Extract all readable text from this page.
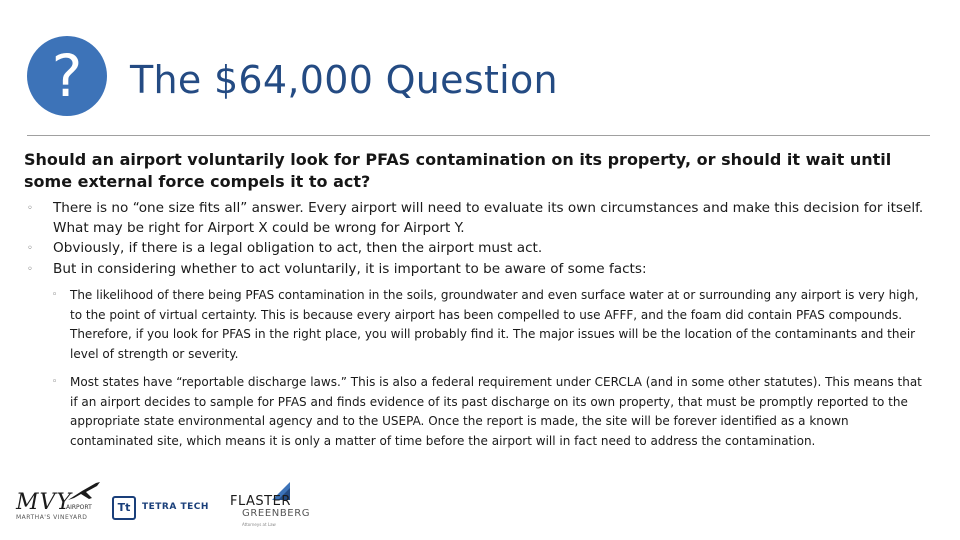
?	The $64,000 Question
Should an airport voluntarily look for PFAS contamination on its property, or should it wait until some external force compels it to act?
◦ There is no “one size fits all” answer. Every airport will need to evaluate its own circumstances and make this decision for itself. What may be right for Airport X could be wrong for Airport Y.
◦ Obviously, if there is a legal obligation to act, then the airport must act.
◦ But in considering whether to act voluntarily, it is important to be aware of some facts:
◦ The likelihood of there being PFAS contamination in the soils, groundwater and even surface water at or surrounding any airport is very high, to the point of virtual certainty. This is because every airport has been compelled to use AFFF, and the foam did contain PFAS compounds. Therefore, if you look for PFAS in the right place, you will probably find it. The major issues will be the location of the contaminants and their level of strength or severity.
◦ Most states have “reportable discharge laws.” This is also a federal requirement under CERCLA (and in some other statutes). This means that if an airport decides to sample for PFAS and finds evidence of its past discharge on its own property, that must be promptly reported to the appropriate state environmental agency and to the USEPA. Once the report is made, the site will be forever identified as a known contaminated site, which means it is only a matter of time before the airport will in fact need to address the contamination.
MVY
AIRPORT
MARTHA'S VINEYARD
Tt	TETRA TECH FLASTER
GREENBERG
Attorneys at Law
